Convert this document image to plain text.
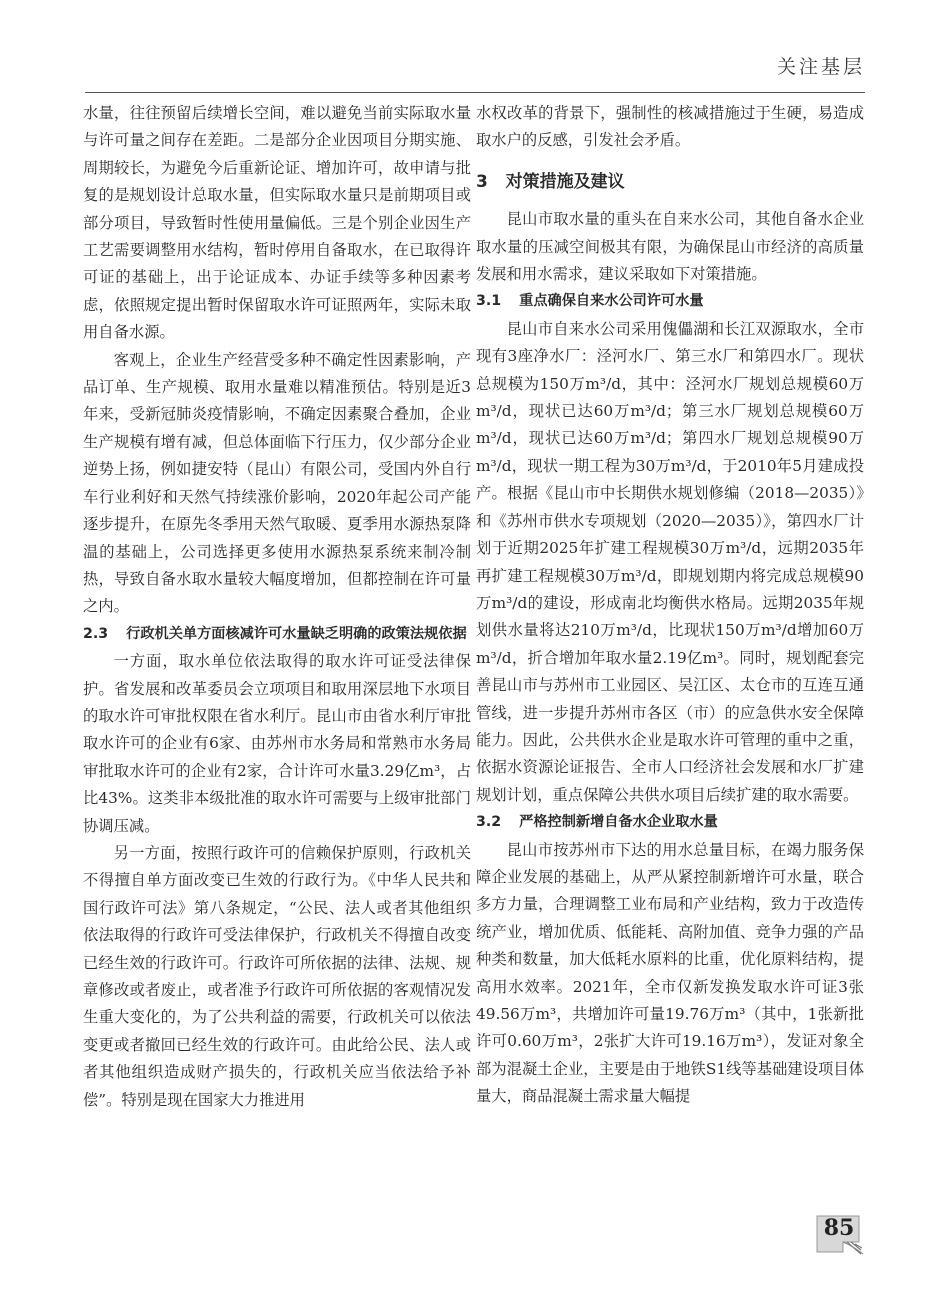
关注基层

水量，往往预留后续增长空间，难以避免当前实际取水量与许可量之间存在差距。二是部分企业因项目分期实施、周期较长，为避免今后重新论证、增加许可，故申请与批复的是规划设计总取水量，但实际取水量只是前期项目或部分项目，导致暂时性使用量偏低。三是个别企业因生产工艺需要调整用水结构，暂时停用自备取水，在已取得许可证的基础上，出于论证成本、办证手续等多种因素考虑，依照规定提出暂时保留取水许可证照两年，实际未取用自备水源。

客观上，企业生产经营受多种不确定性因素影响，产品订单、生产规模、取用水量难以精准预估。特别是近3年来，受新冠肺炎疫情影响，不确定因素聚合叠加，企业生产规模有增有减，但总体面临下行压力，仅少部分企业逆势上扬，例如捷安特（昆山）有限公司，受国内外自行车行业利好和天然气持续涨价影响，2020年起公司产能逐步提升，在原先冬季用天然气取暖、夏季用水源热泵降温的基础上，公司选择更多使用水源热泵系统来制冷制热，导致自备水取水量较大幅度增加，但都控制在许可量之内。

2.3 行政机关单方面核减许可水量缺乏明确的政策法规依据

一方面，取水单位依法取得的取水许可证受法律保护。省发展和改革委员会立项项目和取用深层地下水项目的取水许可审批权限在省水利厅。昆山市由省水利厅审批取水许可的企业有6家、由苏州市水务局和常熟市水务局审批取水许可的企业有2家，合计许可水量3.29亿m³，占比43%。这类非本级批准的取水许可需要与上级审批部门协调压减。

另一方面，按照行政许可的信赖保护原则，行政机关不得擅自单方面改变已生效的行政行为。《中华人民共和国行政许可法》第八条规定，“公民、法人或者其他组织依法取得的行政许可受法律保护，行政机关不得擅自改变已经生效的行政许可。行政许可所依据的法律、法规、规章修改或者废止，或者准予行政许可所依据的客观情况发生重大变化的，为了公共利益的需要，行政机关可以依法变更或者撤回已经生效的行政许可。由此给公民、法人或者其他组织造成财产损失的，行政机关应当依法给予补偿”。特别是现在国家大力推进用

水权改革的背景下，强制性的核减措施过于生硬，易造成取水户的反感，引发社会矛盾。

3 对策措施及建议

昆山市取水量的重头在自来水公司，其他自备水企业取水量的压减空间极其有限，为确保昆山市经济的高质量发展和用水需求，建议采取如下对策措施。

3.1 重点确保自来水公司许可水量

昆山市自来水公司采用傀儡湖和长江双源取水，全市现有3座净水厂：泾河水厂、第三水厂和第四水厂。现状总规模为150万m³/d，其中：泾河水厂规划总规模60万m³/d，现状已达60万m³/d；第三水厂规划总规模60万m³/d，现状已达60万m³/d；第四水厂规划总规模90万m³/d，现状一期工程为30万m³/d，于2010年5月建成投产。根据《昆山市中长期供水规划修编（2018—2035）》和《苏州市供水专项规划（2020—2035）》，第四水厂计划于近期2025年扩建工程规模30万m³/d，远期2035年再扩建工程规模30万m³/d，即规划期内将完成总规模90万m³/d的建设，形成南北均衡供水格局。远期2035年规划供水量将达210万m³/d，比现状150万m³/d增加60万m³/d，折合增加年取水量2.19亿m³。同时，规划配套完善昆山市与苏州市工业园区、吴江区、太仓市的互连互通管线，进一步提升苏州市各区（市）的应急供水安全保障能力。因此，公共供水企业是取水许可管理的重中之重，依据水资源论证报告、全市人口经济社会发展和水厂扩建规划计划，重点保障公共供水项目后续扩建的取水需要。

3.2 严格控制新增自备水企业取水量

昆山市按苏州市下达的用水总量目标，在竭力服务保障企业发展的基础上，从严从紧控制新增许可水量，联合多方力量，合理调整工业布局和产业结构，致力于改造传统产业，增加优质、低能耗、高附加值、竞争力强的产品种类和数量，加大低耗水原料的比重，优化原料结构，提高用水效率。2021年，全市仅新发换发取水许可证3张49.56万m³，共增加许可量19.76万m³（其中，1张新批许可0.60万m³，2张扩大许可19.16万m³），发证对象全部为混凝土企业，主要是由于地铁S1线等基础建设项目体量大，商品混凝土需求量大幅提

85
